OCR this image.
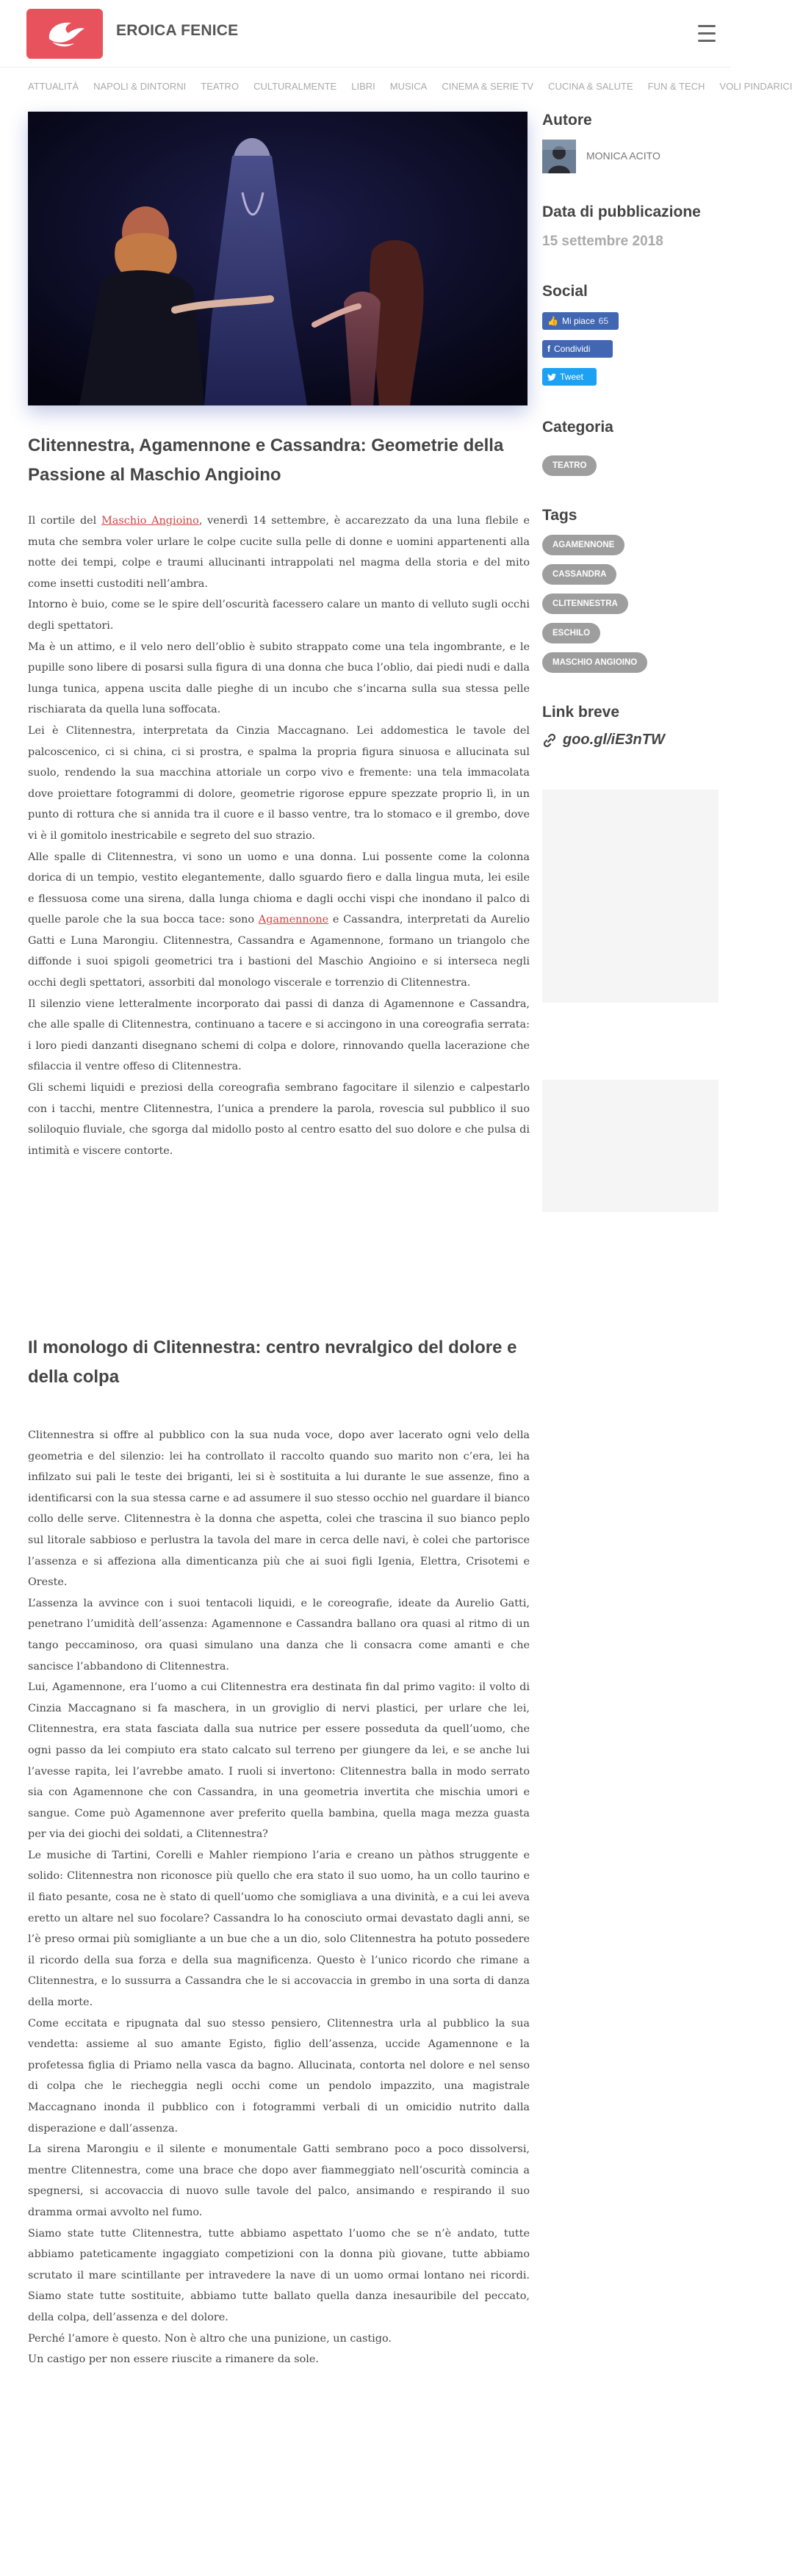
EROICA FENICE
ATTUALITÀ NAPOLI & DINTORNI TEATRO CULTURALMENTE LIBRI MUSICA CINEMA & SERIE TV CUCINA & SALUTE FUN & TECH VOLI PINDARICI
Clitennestra, Agamennone e Cassandra: Geometrie della Passione al Maschio Angioino

Il cortile del Maschio Angioino, venerdì 14 settembre, è accarezzato da una luna flebile e muta che sembra voler urlare le colpe cucite sulla pelle di donne e uomini appartenenti alla notte dei tempi, colpe e traumi allucinanti intrappolati nel magma della storia e del mito come insetti custoditi nell’ambra.

Intorno è buio, come se le spire dell’oscurità facessero calare un manto di velluto sugli occhi degli spettatori.

Ma è un attimo, e il velo nero dell’oblio è subito strappato come una tela ingombrante, e le pupille sono libere di posarsi sulla figura di una donna che buca l’oblio, dai piedi nudi e dalla lunga tunica, appena uscita dalle pieghe di un incubo che s’incarna sulla sua stessa pelle rischiarata da quella luna soffocata.

Lei è Clitennestra, interpretata da Cinzia Maccagnano. Lei addomestica le tavole del palcoscenico, ci si china, ci si prostra, e spalma la propria figura sinuosa e allucinata sul suolo, rendendo la sua macchina attoriale un corpo vivo e fremente: una tela immacolata dove proiettare fotogrammi di dolore, geometrie rigorose eppure spezzate proprio lì, in un punto di rottura che si annida tra il cuore e il basso ventre, tra lo stomaco e il grembo, dove vi è il gomitolo inestricabile e segreto del suo strazio.

Alle spalle di Clitennestra, vi sono un uomo e una donna. Lui possente come la colonna dorica di un tempio, vestito elegantemente, dallo sguardo fiero e dalla lingua muta, lei esile e flessuosa come una sirena, dalla lunga chioma e dagli occhi vispi che inondano il palco di quelle parole che la sua bocca tace: sono Agamennone e Cassandra, interpretati da Aurelio Gatti e Luna Marongiu. Clitennestra, Cassandra e Agamennone, formano un triangolo che diffonde i suoi spigoli geometrici tra i bastioni del Maschio Angioino e si interseca negli occhi degli spettatori, assorbiti dal monologo viscerale e torrenzio di Clitennestra.

Il silenzio viene letteralmente incorporato dai passi di danza di Agamennone e Cassandra, che alle spalle di Clitennestra, continuano a tacere e si accingono in una coreografia serrata: i loro piedi danzanti disegnano schemi di colpa e dolore, rinnovando quella lacerazione che sfilaccia il ventre offeso di Clitennestra.

Gli schemi liquidi e preziosi della coreografia sembrano fagocitare il silenzio e calpestarlo con i tacchi, mentre Clitennestra, l’unica a prendere la parola, rovescia sul pubblico il suo soliloquio fluviale, che sgorga dal midollo posto al centro esatto del suo dolore e che pulsa di intimità e viscere contorte.

Il monologo di Clitennestra: centro nevralgico del dolore e della colpa

Clitennestra si offre al pubblico con la sua nuda voce, dopo aver lacerato ogni velo della geometria e del silenzio: lei ha controllato il raccolto quando suo marito non c’era, lei ha infilzato sui pali le teste dei briganti, lei si è sostituita a lui durante le sue assenze, fino a identificarsi con la sua stessa carne e ad assumere il suo stesso occhio nel guardare il bianco collo delle serve. Clitennestra è la donna che aspetta, colei che trascina il suo bianco peplo sul litorale sabbioso e perlustra la tavola del mare in cerca delle navi, è colei che partorisce l’assenza e si affeziona alla dimenticanza più che ai suoi figli Igenia, Elettra, Crisotemi e Oreste.

L’assenza la avvince con i suoi tentacoli liquidi, e le coreografie, ideate da Aurelio Gatti, penetrano l’umidità dell’assenza: Agamennone e Cassandra ballano ora quasi al ritmo di un tango peccaminoso, ora quasi simulano una danza che li consacra come amanti e che sancisce l’abbandono di Clitennestra.

Lui, Agamennone, era l’uomo a cui Clitennestra era destinata fin dal primo vagito: il volto di Cinzia Maccagnano si fa maschera, in un groviglio di nervi plastici, per urlare che lei, Clitennestra, era stata fasciata dalla sua nutrice per essere posseduta da quell’uomo, che ogni passo da lei compiuto era stato calcato sul terreno per giungere da lei, e se anche lui l’avesse rapita, lei l’avrebbe amato. I ruoli si invertono: Clitennestra balla in modo serrato sia con Agamennone che con Cassandra, in una geometria invertita che mischia umori e sangue. Come può Agamennone aver preferito quella bambina, quella maga mezza guasta per via dei giochi dei soldati, a Clitennestra?

Le musiche di Tartini, Corelli e Mahler riempiono l’aria e creano un pàthos struggente e solido: Clitennestra non riconosce più quello che era stato il suo uomo, ha un collo taurino e il fiato pesante, cosa ne è stato di quell’uomo che somigliava a una divinità, e a cui lei aveva eretto un altare nel suo focolare? Cassandra lo ha conosciuto ormai devastato dagli anni, se l’è preso ormai più somigliante a un bue che a un dio, solo Clitennestra ha potuto possedere il ricordo della sua forza e della sua magnificenza. Questo è l’unico ricordo che rimane a Clitennestra, e lo sussurra a Cassandra che le si accovaccia in grembo in una sorta di danza della morte.

Come eccitata e ripugnata dal suo stesso pensiero, Clitennestra urla al pubblico la sua vendetta: assieme al suo amante Egisto, figlio dell’assenza, uccide Agamennone e la profetessa figlia di Priamo nella vasca da bagno. Allucinata, contorta nel dolore e nel senso di colpa che le riecheggia negli occhi come un pendolo impazzito, una magistrale Maccagnano inonda il pubblico con i fotogrammi verbali di un omicidio nutrito dalla disperazione e dall’assenza.

La sirena Marongiu e il silente e monumentale Gatti sembrano poco a poco dissolversi, mentre Clitennestra, come una brace che dopo aver fiammeggiato nell’oscurità comincia a spegnersi, si accovaccia di nuovo sulle tavole del palco, ansimando e respirando il suo dramma ormai avvolto nel fumo.

Siamo state tutte Clitennestra, tutte abbiamo aspettato l’uomo che se n’è andato, tutte abbiamo pateticamente ingaggiato competizioni con la donna più giovane, tutte abbiamo scrutato il mare scintillante per intravedere la nave di un uomo ormai lontano nei ricordi. Siamo state tutte sostituite, abbiamo tutte ballato quella danza inesauribile del peccato, della colpa, dell’assenza e del dolore.

Perché l’amore è questo. Non è altro che una punizione, un castigo.

Un castigo per non essere riuscite a rimanere da sole.

Autore
MONICA ACITO
Data di pubblicazione
15 settembre 2018
Social
👍 Mi piace 65
f Condividi
Tweet
Categoria
TEATRO
Tags
AGAMENNONE
CASSANDRA
CLITENNESTRA
ESCHILO
MASCHIO ANGIOINO
Link breve
goo.gl/iE3nTW
